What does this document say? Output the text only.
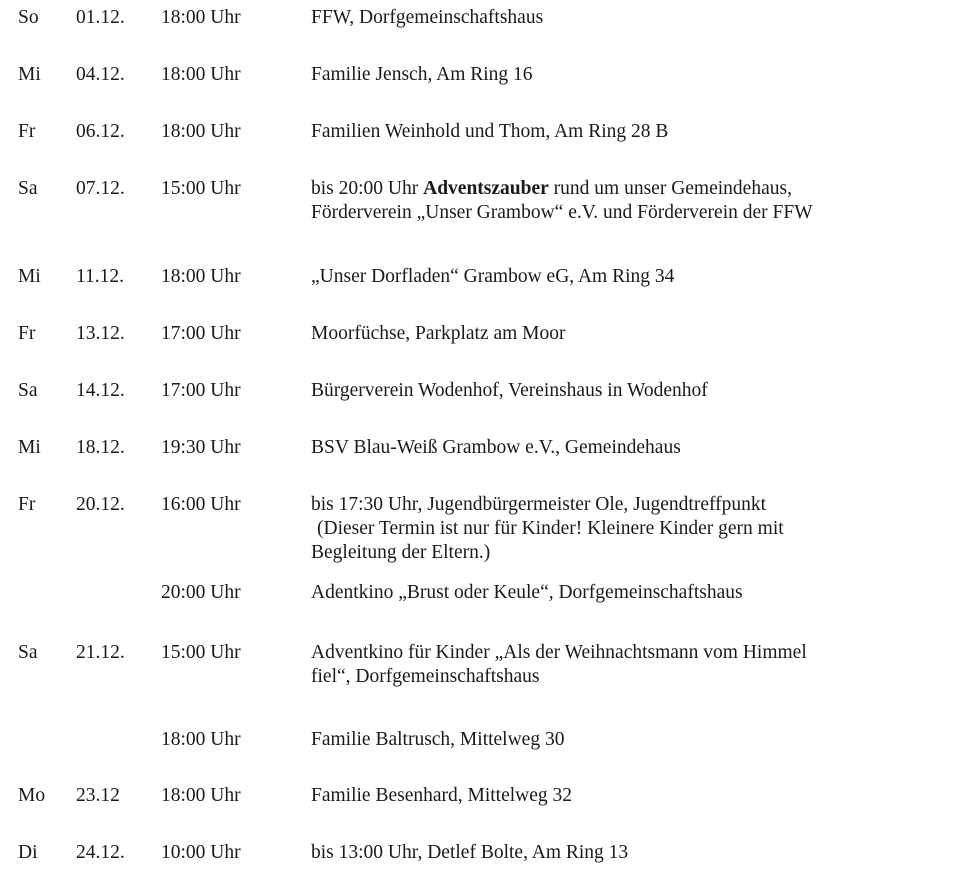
So 01.12. 18:00 Uhr	FFW, Dorfgemeinschaftshaus
Mi 04.12. 18:00 Uhr	Familie Jensch, Am Ring 16
Fr 06.12. 18:00 Uhr	Familien Weinhold und Thom, Am Ring 28 B
Sa 07.12. 15:00 Uhr	bis 20:00 Uhr Adventszauber rund um unser Gemeindehaus,
Förderverein „Unser Grambow“ e.V. und Förderverein der FFW
Mi 11.12. 18:00 Uhr	„Unser Dorfladen“ Grambow eG, Am Ring 34
Fr 13.12. 17:00 Uhr	Moorfüchse, Parkplatz am Moor
Sa 14.12. 17:00 Uhr	Bürgerverein Wodenhof, Vereinshaus in Wodenhof
Mi 18.12. 19:30 Uhr	BSV Blau-Weiß Grambow e.V., Gemeindehaus
Fr 20.12. 16:00 Uhr	bis 17:30 Uhr, Jugendbürgermeister Ole, Jugendtreffpunkt
(Dieser Termin ist nur für Kinder! Kleinere Kinder gern mit
Begleitung der Eltern.)
20:00 Uhr	Adentkino „Brust oder Keule“, Dorfgemeinschaftshaus
Sa 21.12. 15:00 Uhr	Adventkino für Kinder „Als der Weihnachtsmann vom Himmel
fiel“, Dorfgemeinschaftshaus
18:00 Uhr	Familie Baltrusch, Mittelweg 30
Mo 23.12 18:00 Uhr	Familie Besenhard, Mittelweg 32
Di 24.12. 10:00 Uhr	bis 13:00 Uhr, Detlef Bolte, Am Ring 13
